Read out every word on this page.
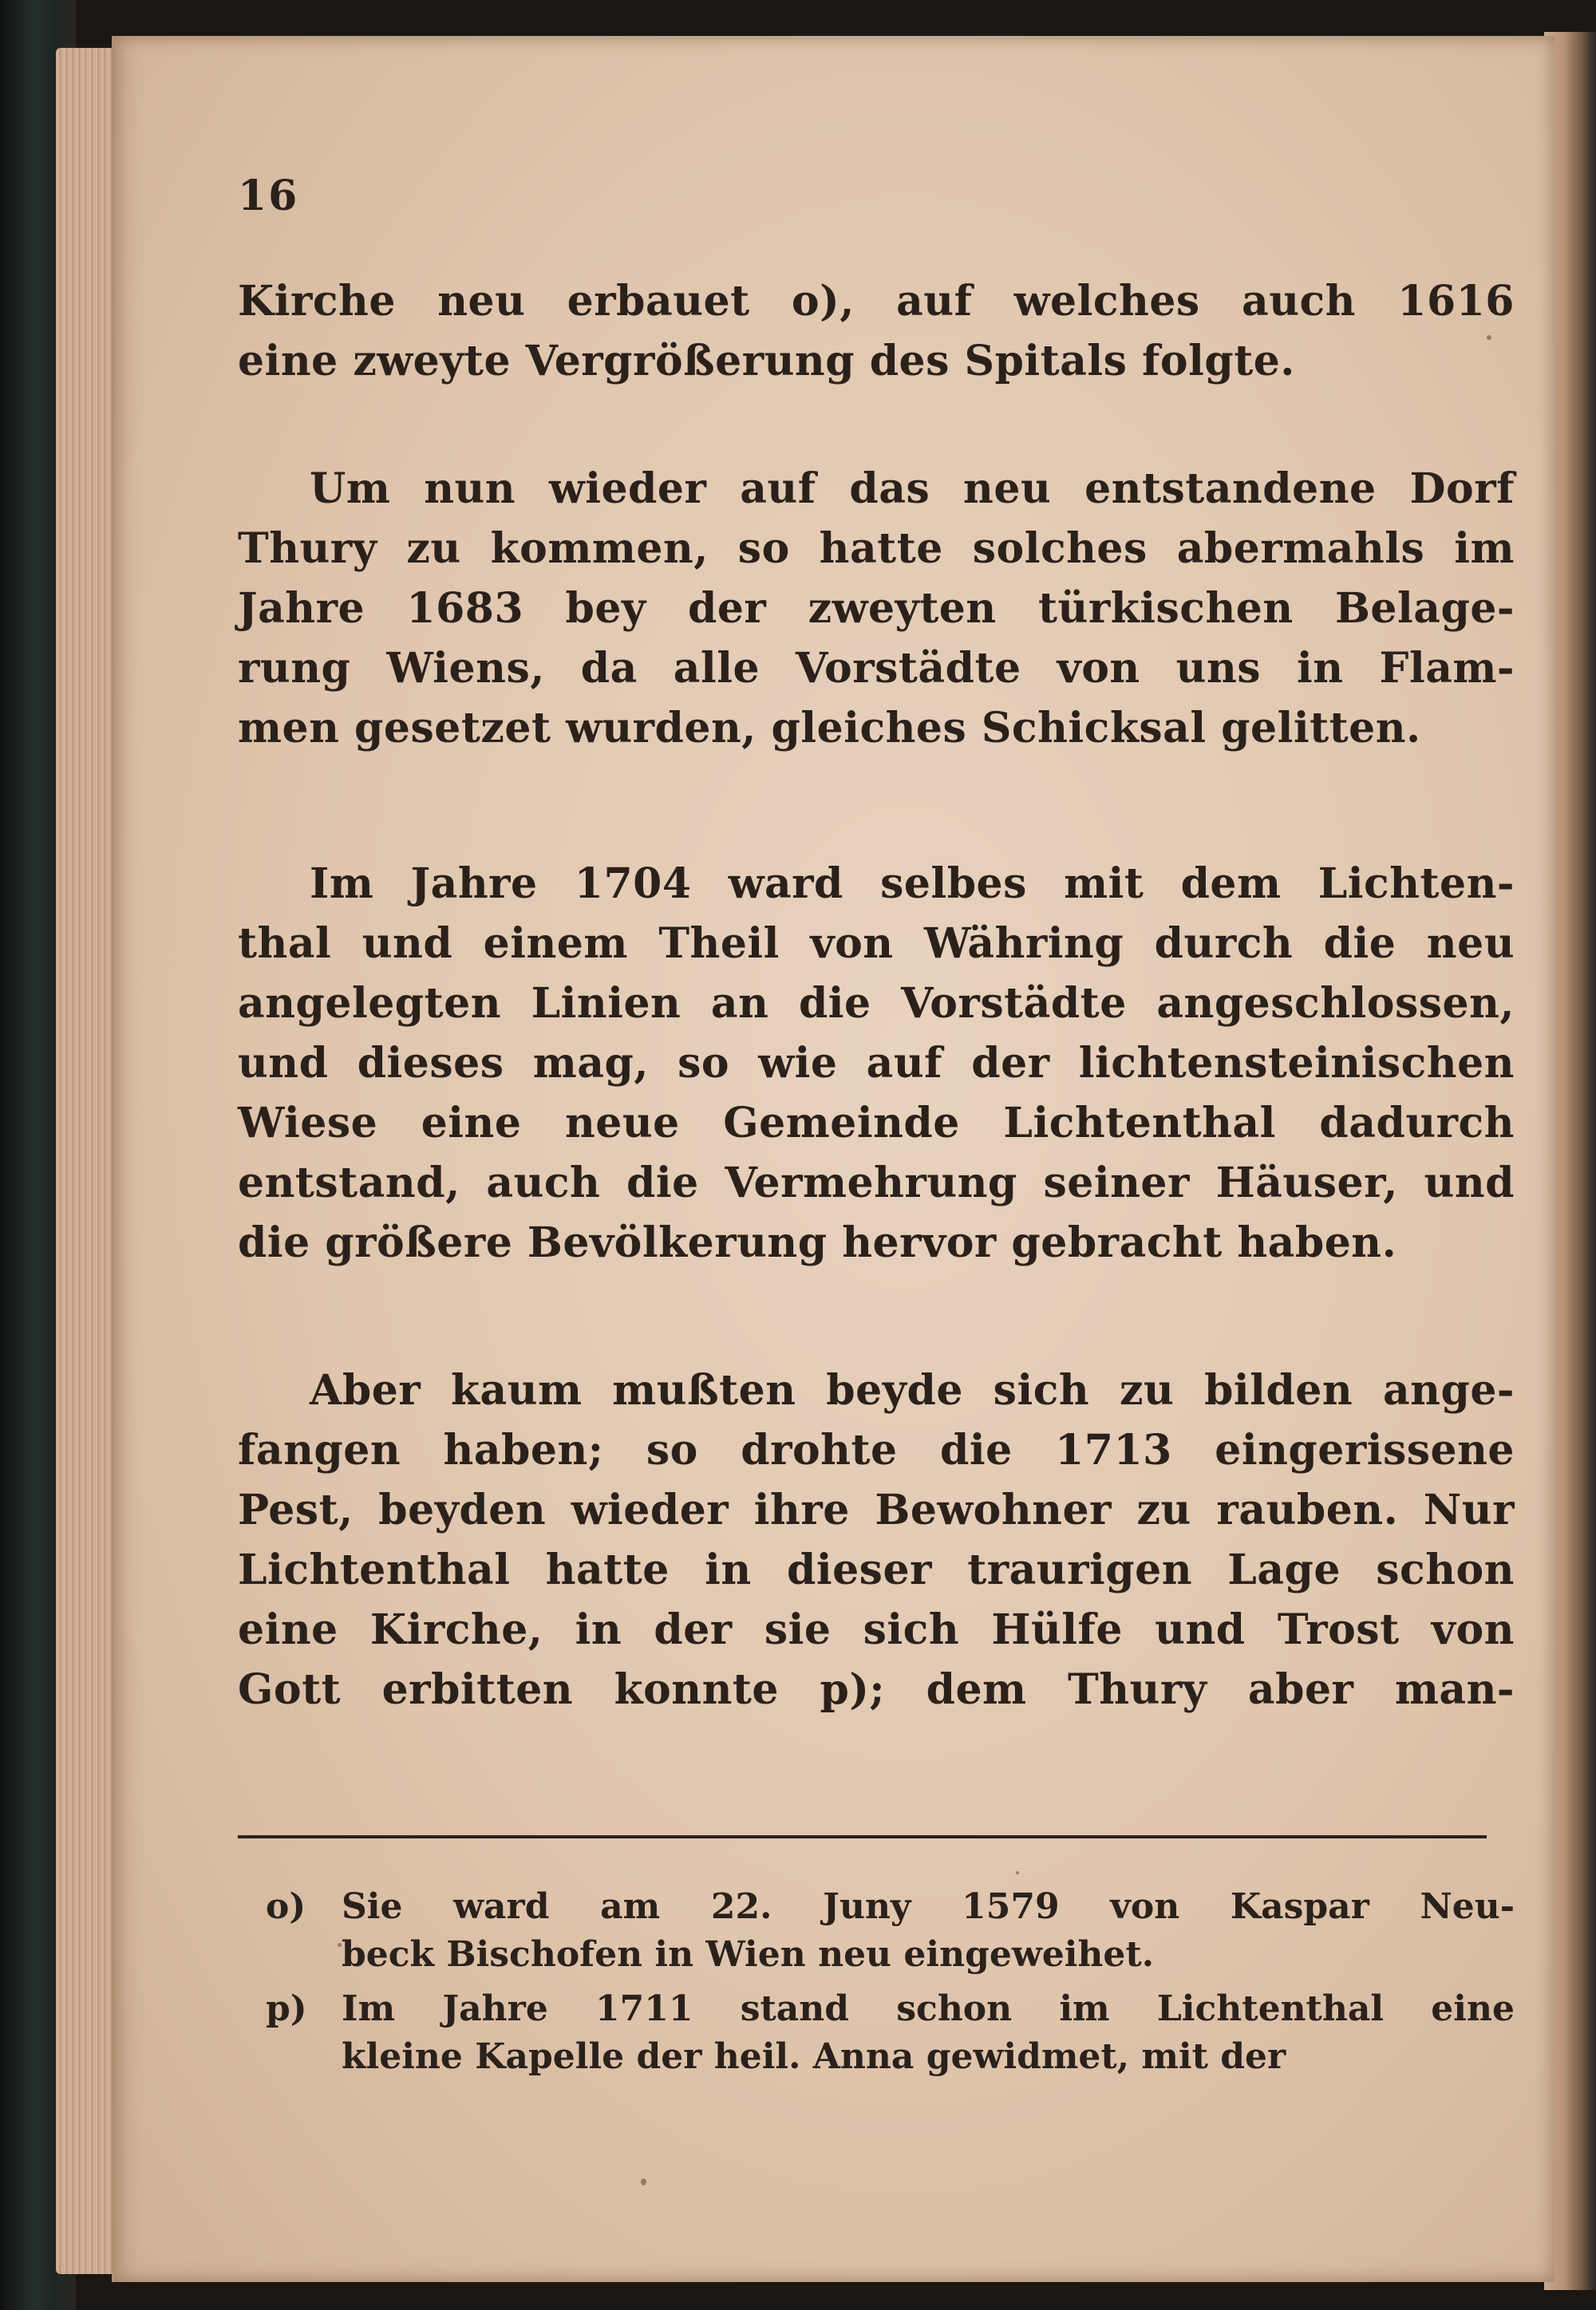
16
Kirche neu erbauet o), auf welches auch 1616
eine zweyte Vergrößerung des Spitals folgte.
Um nun wieder auf das neu entstandene Dorf
Thury zu kommen, so hatte solches abermahls im
Jahre 1683 bey der zweyten türkischen Belage-
rung Wiens, da alle Vorstädte von uns in Flam-
men gesetzet wurden, gleiches Schicksal gelitten.
Im Jahre 1704 ward selbes mit dem Lichten-
thal und einem Theil von Währing durch die neu
angelegten Linien an die Vorstädte angeschlossen,
und dieses mag, so wie auf der lichtensteinischen
Wiese eine neue Gemeinde Lichtenthal dadurch
entstand, auch die Vermehrung seiner Häuser, und
die größere Bevölkerung hervor gebracht haben.
Aber kaum mußten beyde sich zu bilden ange-
fangen haben; so drohte die 1713 eingerissene
Pest, beyden wieder ihre Bewohner zu rauben. Nur
Lichtenthal hatte in dieser traurigen Lage schon
eine Kirche, in der sie sich Hülfe und Trost von
Gott erbitten konnte p); dem Thury aber man-
o) Sie ward am 22. Juny 1579 von Kaspar Neu-
beck Bischofen in Wien neu eingeweihet.
p) Im Jahre 1711 stand schon im Lichtenthal eine
kleine Kapelle der heil. Anna gewidmet, mit der
